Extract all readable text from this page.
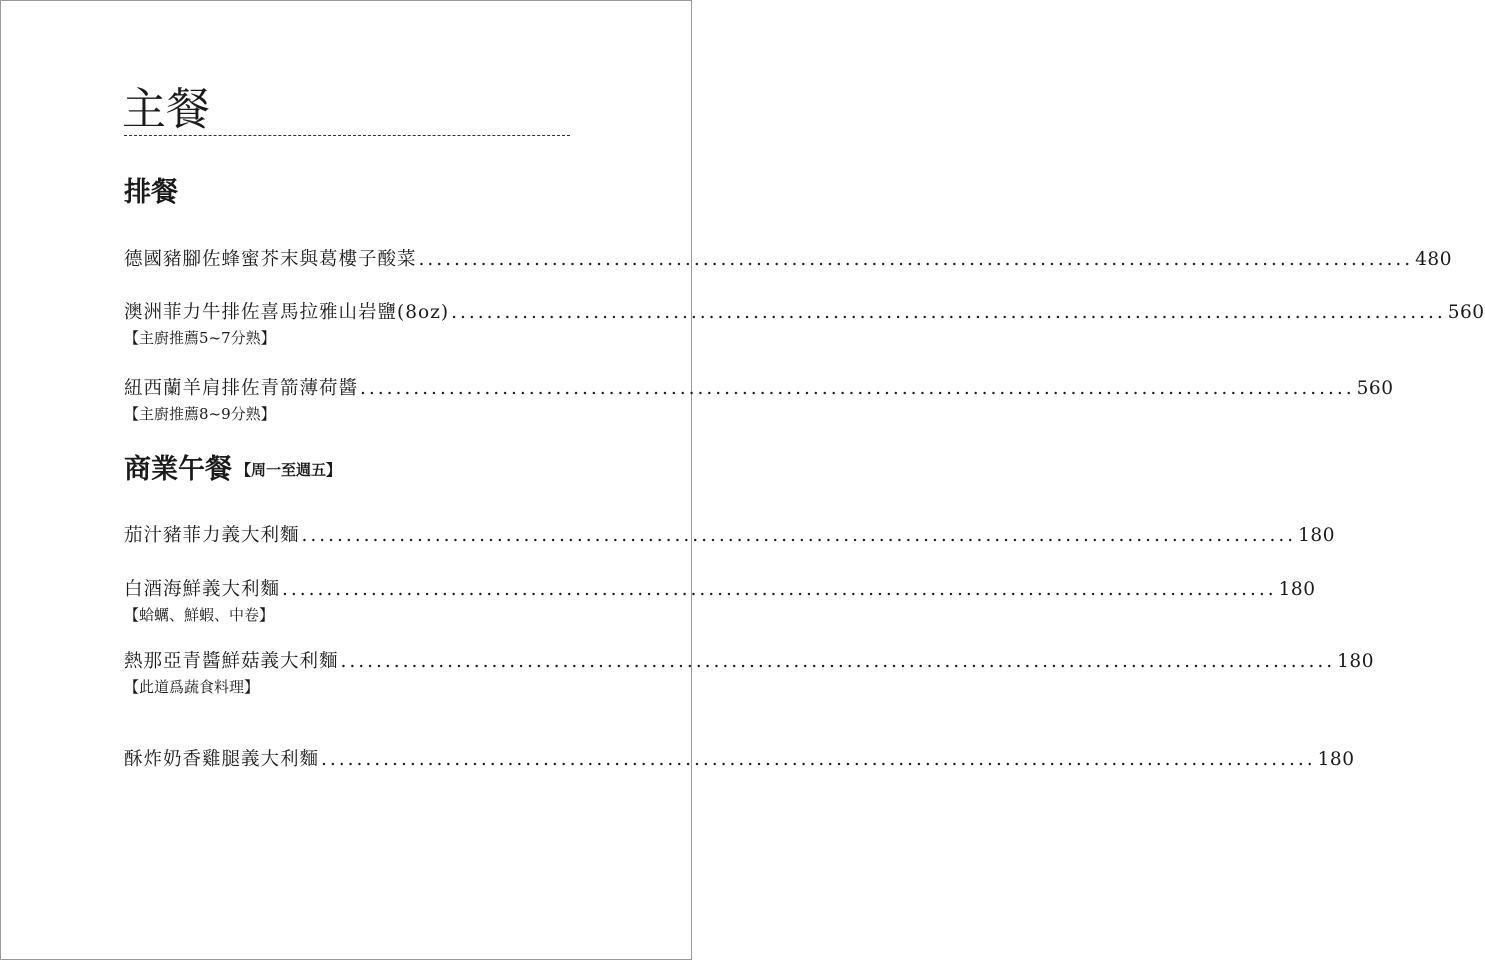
主餐
排餐
德國豬腳佐蜂蜜芥末與葛樓子酸菜 ................................................................................................................ 480
澳洲菲力牛排佐喜馬拉雅山岩鹽(8oz) ................................................................................................................ 560
【主廚推薦5~7分熟】
紐西蘭羊肩排佐青箭薄荷醬 ................................................................................................................ 560
【主廚推薦8~9分熟】
商業午餐 【周一至週五】
茄汁豬菲力義大利麵 ................................................................................................................ 180
白酒海鮮義大利麵 ................................................................................................................ 180
【蛤蠣、鮮蝦、中卷】
熱那亞青醬鮮菇義大利麵 ................................................................................................................ 180
【此道爲蔬食料理】
酥炸奶香雞腿義大利麵 ................................................................................................................ 180
